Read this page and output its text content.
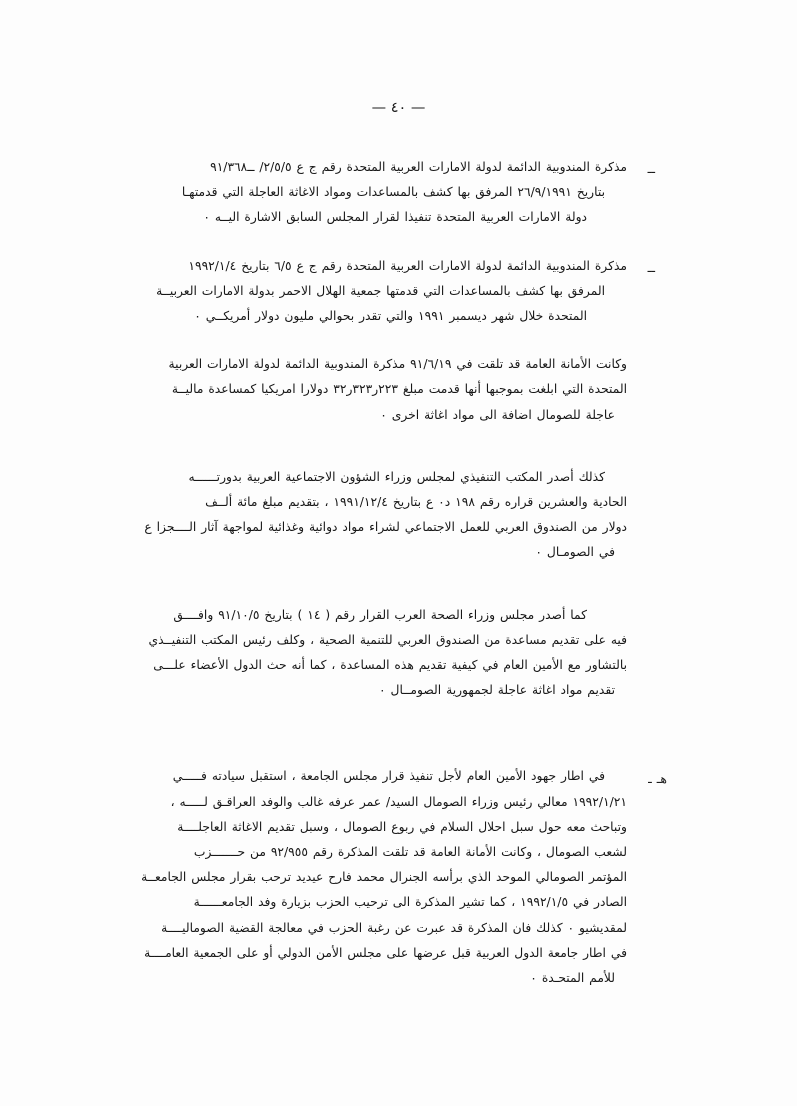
— ٤٠ —
ــ
مذكرة المندوبية الدائمة لدولة الامارات العربية المتحدة رقم ج ع ٢/٥/٥/ ــ٩١/٣٦٨
بتاريخ ٢٦/٩/١٩٩١ المرفق بها كشف بالمساعدات ومواد الاغاثة العاجلة التي قدمتهـا
دولة الامارات العربية المتحدة تنفيذا لقرار المجلس السابق الاشارة اليــه ٠
ــ
مذكرة المندوبية الدائمة لدولة الامارات العربية المتحدة رقم ج ع ٦/٥ بتاريخ ١٩٩٢/١/٤
المرفق بها كشف بالمساعدات التي قدمتها جمعية الهلال الاحمر بدولة الامارات العربيــة
المتحدة خلال شهر ديسمبر ١٩٩١ والتي تقدر بحوالي مليون دولار أمريكــي ٠
وكانت الأمانة العامة قد تلقت في ٩١/٦/١٩ مذكرة المندوبية الدائمة لدولة الامارات العربية
المتحدة التي ابلغت بموجبها أنها قدمت مبلغ ٢٢٣ر٣٢٣ر٣٢ دولارا امريكيا كمساعدة ماليــة
عاجلة للصومال اضافة الى مواد اغاثة اخرى ٠
كذلك أصدر المكتب التنفيذي لمجلس وزراء الشؤون الاجتماعية العربية بدورتــــــه
الحادية والعشرين قراره رقم ١٩٨ د٠ ع بتاريخ ١٩٩١/١٢/٤ ، بتقديم مبلغ مائة ألــف
دولار من الصندوق العربي للعمل الاجتماعي لشراء مواد دوائية وغذائية لمواجهة آثار الــــجزا ع
في الصومـال ٠
كما أصدر مجلس وزراء الصحة العرب القرار رقم ( ١٤ ) بتاريخ ٩١/١٠/٥ وافــــق
فيه على تقديم مساعدة من الصندوق العربي للتنمية الصحية ، وكلف رئيس المكتب التنفيــذي
بالتشاور مع الأمين العام في كيفية تقديم هذه المساعدة ، كما أنه حث الدول الأعضاء علـــى
تقديم مواد اغاثة عاجلة لجمهورية الصومــال ٠
هـ ـ
في اطار جهود الأمين العام لأجل تنفيذ قرار مجلس الجامعة ، استقبل سيادته فـــــي
١٩٩٢/١/٢١ معالي رئيس وزراء الصومال السيد/ عمر عرفه غالب والوفد العراقـق لـــــه ،
وتباحث معه حول سبل احلال السلام في ربوع الصومال ، وسبل تقديم الاغاثة العاجلــــة
لشعب الصومال ، وكانت الأمانة العامة قد تلقت المذكرة رقم ٩٢/٩٥٥ من حـــــــزب
المؤتمر الصومالي الموحد الذي برأسه الجنرال محمد فارح عيديد ترحب بقرار مجلس الجامعــة
الصادر في ١٩٩٢/١/٥ ، كما تشير المذكرة الى ترحيب الحزب بزيارة وفد الجامعــــــة
لمقديشيو ٠ كذلك فان المذكرة قد عبرت عن رغبة الحزب في معالجة القضية الصوماليــــة
في اطار جامعة الدول العربية قبل عرضها على مجلس الأمن الدولي أو على الجمعية العامــــة
للأمم المتحـدة ٠
